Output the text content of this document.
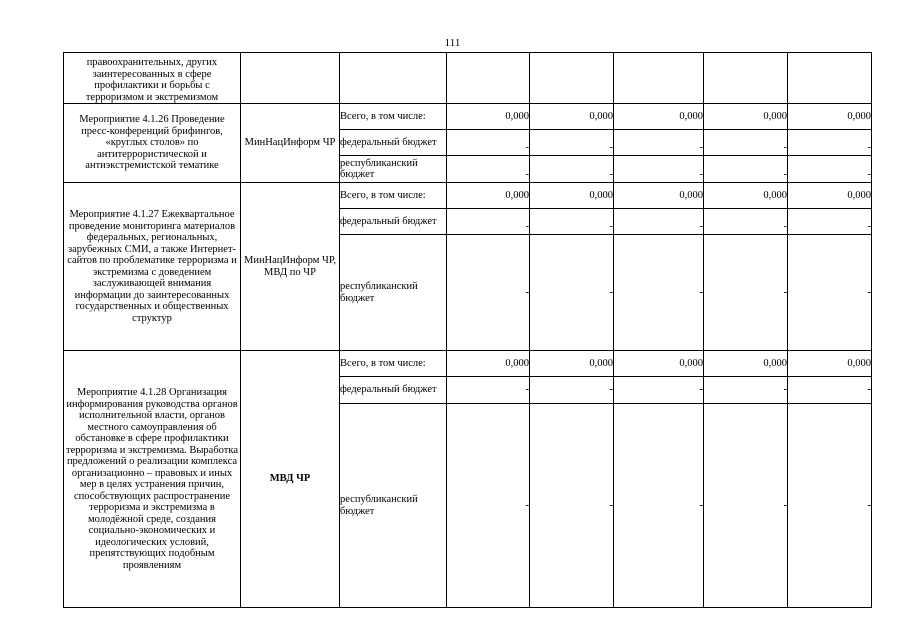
111
правоохранительных, других заинтересованных в сфере профилактики и борьбы с терроризмом и экстремизмом							
Мероприятие 4.1.26 Проведение пресс-конференций брифингов, «круглых столов» по антитеррористической и антиэкстремистской тематике	МинНацИнформ ЧР	Всего, в том числе:	0,000	0,000	0,000	0,000	0,000
		федеральный бюджет	-	-	-	-	-
		республиканский бюджет	-	-	-	-	-
Мероприятие 4.1.27 Ежеквартальное проведение мониторинга материалов федеральных, региональных, зарубежных СМИ, а также Интернет-сайтов по проблематике терроризма и экстремизма с доведением заслуживающей внимания информации до заинтересованных государственных и общественных структур	МинНацИнформ ЧР, МВД по ЧР	Всего, в том числе:	0,000	0,000	0,000	0,000	0,000
		федеральный бюджет	-	-	-	-	-
		республиканский бюджет	-	-	-	-	-
Мероприятие 4.1.28 Организация информирования руководства органов исполнительной власти, органов местного самоуправления об обстановке в сфере профилактики терроризма и экстремизма. Выработка предложений о реализации комплекса организационно – правовых и иных мер в целях устранения причин, способствующих распространение терроризма и экстремизма в молодёжной среде, создания социально-экономических и идеологических условий, препятствующих подобным проявлениям	МВД ЧР	Всего, в том числе:	0,000	0,000	0,000	0,000	0,000
		федеральный бюджет	-	-	-	-	-
		республиканский бюджет	-	-	-	-	-
